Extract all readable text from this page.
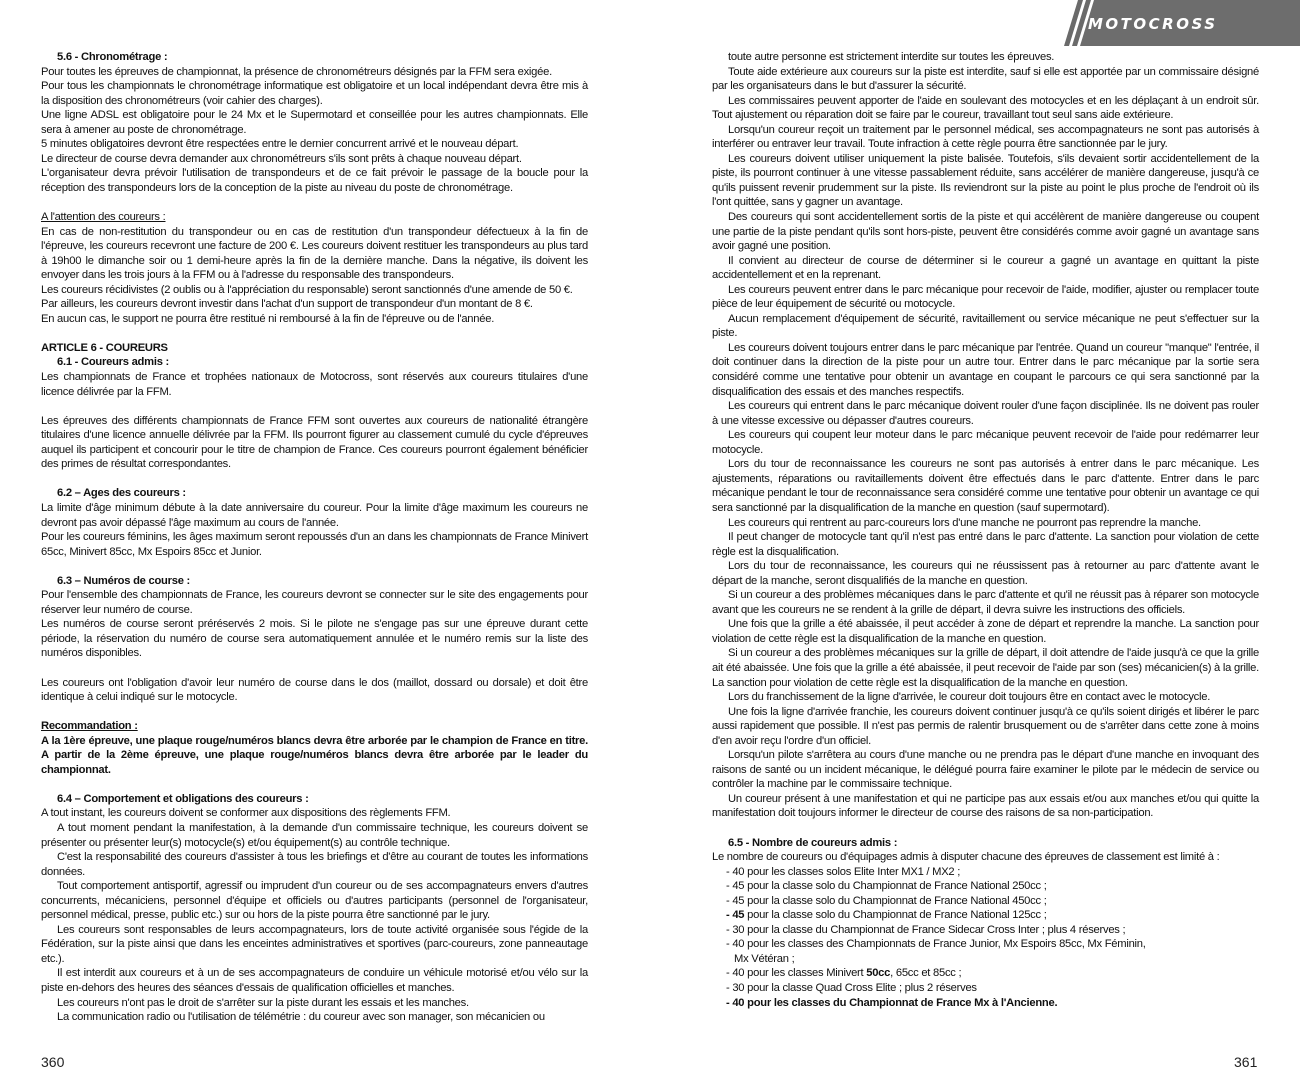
MOTOCROSS

5.6 - Chronométrage :

Pour toutes les épreuves de championnat, la présence de chronométreurs désignés par la FFM sera exigée.

Pour tous les championnats le chronométrage informatique est obligatoire et un local indépendant devra être mis à la disposition des chronométreurs (voir cahier des charges).

Une ligne ADSL est obligatoire pour le 24 Mx et le Supermotard et conseillée pour les autres championnats. Elle sera à amener au poste de chronométrage.

5 minutes obligatoires devront être respectées entre le dernier concurrent arrivé et le nouveau départ.

Le directeur de course devra demander aux chronométreurs s'ils sont prêts à chaque nouveau départ.

L'organisateur devra prévoir l'utilisation de transpondeurs et de ce fait prévoir le passage de la boucle pour la réception des transpondeurs lors de la conception de la piste au niveau du poste de chronométrage.

A l'attention des coureurs :

En cas de non-restitution du transpondeur ou en cas de restitution d'un transpondeur défectueux à la fin de l'épreuve, les coureurs recevront une facture de 200 €. Les coureurs doivent restituer les transpondeurs au plus tard à 19h00 le dimanche soir ou 1 demi-heure après la fin de la dernière manche. Dans la négative, ils doivent les envoyer dans les trois jours à la FFM ou à l'adresse du responsable des transpondeurs.

Les coureurs récidivistes (2 oublis ou à l'appréciation du responsable) seront sanctionnés d'une amende de 50 €.

Par ailleurs, les coureurs devront investir dans l'achat d'un support de transpondeur d'un montant de 8 €.

En aucun cas, le support ne pourra être restitué ni remboursé à la fin de l'épreuve ou de l'année.

ARTICLE 6 - COUREURS

6.1 - Coureurs admis :

Les championnats de France et trophées nationaux de Motocross, sont réservés aux coureurs titulaires d'une licence délivrée par la FFM.

Les épreuves des différents championnats de France FFM sont ouvertes aux coureurs de nationalité étrangère titulaires d'une licence annuelle délivrée par la FFM. Ils pourront figurer au classement cumulé du cycle d'épreuves auquel ils participent et concourir pour le titre de champion de France. Ces coureurs pourront également bénéficier des primes de résultat correspondantes.

6.2 – Ages des coureurs :

La limite d'âge minimum débute à la date anniversaire du coureur. Pour la limite d'âge maximum les coureurs ne devront pas avoir dépassé l'âge maximum au cours de l'année.

Pour les coureurs féminins, les âges maximum seront repoussés d'un an dans les championnats de France Minivert 65cc, Minivert 85cc, Mx Espoirs 85cc et Junior.

6.3 – Numéros de course :

Pour l'ensemble des championnats de France, les coureurs devront se connecter sur le site des engagements pour réserver leur numéro de course.

Les numéros de course seront préréservés 2 mois. Si le pilote ne s'engage pas sur une épreuve durant cette période, la réservation du numéro de course sera automatiquement annulée et le numéro remis sur la liste des numéros disponibles.

Les coureurs ont l'obligation d'avoir leur numéro de course dans le dos (maillot, dossard ou dorsale) et doit être identique à celui indiqué sur le motocycle.

Recommandation :

A la 1ère épreuve, une plaque rouge/numéros blancs devra être arborée par le champion de France en titre. A partir de la 2ème épreuve, une plaque rouge/numéros blancs devra être arborée par le leader du championnat.

6.4 – Comportement et obligations des coureurs :

A tout instant, les coureurs doivent se conformer aux dispositions des règlements FFM.

A tout moment pendant la manifestation, à la demande d'un commissaire technique, les coureurs doivent se présenter ou présenter leur(s) motocycle(s) et/ou équipement(s) au contrôle technique.

C'est la responsabilité des coureurs d'assister à tous les briefings et d'être au courant de toutes les informations données.

Tout comportement antisportif, agressif ou imprudent d'un coureur ou de ses accompagnateurs envers d'autres concurrents, mécaniciens, personnel d'équipe et officiels ou d'autres participants (personnel de l'organisateur, personnel médical, presse, public etc.) sur ou hors de la piste pourra être sanctionné par le jury.

Les coureurs sont responsables de leurs accompagnateurs, lors de toute activité organisée sous l'égide de la Fédération, sur la piste ainsi que dans les enceintes administratives et sportives (parc-coureurs, zone panneautage etc.).

Il est interdit aux coureurs et à un de ses accompagnateurs de conduire un véhicule motorisé et/ou vélo sur la piste en-dehors des heures des séances d'essais de qualification officielles et manches.

Les coureurs n'ont pas le droit de s'arrêter sur la piste durant les essais et les manches.

La communication radio ou l'utilisation de télémétrie : du coureur avec son manager, son mécanicien ou

360

toute autre personne est strictement interdite sur toutes les épreuves.

Toute aide extérieure aux coureurs sur la piste est interdite, sauf si elle est apportée par un commissaire désigné par les organisateurs dans le but d'assurer la sécurité.

Les commissaires peuvent apporter de l'aide en soulevant des motocycles et en les déplaçant à un endroit sûr. Tout ajustement ou réparation doit se faire par le coureur, travaillant tout seul sans aide extérieure.

Lorsqu'un coureur reçoit un traitement par le personnel médical, ses accompagnateurs ne sont pas autorisés à interférer ou entraver leur travail. Toute infraction à cette règle pourra être sanctionnée par le jury.

Les coureurs doivent utiliser uniquement la piste balisée. Toutefois, s'ils devaient sortir accidentellement de la piste, ils pourront continuer à une vitesse passablement réduite, sans accélérer de manière dangereuse, jusqu'à ce qu'ils puissent revenir prudemment sur la piste. Ils reviendront sur la piste au point le plus proche de l'endroit où ils l'ont quittée, sans y gagner un avantage.

Des coureurs qui sont accidentellement sortis de la piste et qui accélèrent de manière dangereuse ou coupent une partie de la piste pendant qu'ils sont hors-piste, peuvent être considérés comme avoir gagné un avantage sans avoir gagné une position.

Il convient au directeur de course de déterminer si le coureur a gagné un avantage en quittant la piste accidentellement et en la reprenant.

Les coureurs peuvent entrer dans le parc mécanique pour recevoir de l'aide, modifier, ajuster ou remplacer toute pièce de leur équipement de sécurité ou motocycle.

Aucun remplacement d'équipement de sécurité, ravitaillement ou service mécanique ne peut s'effectuer sur la piste.

Les coureurs doivent toujours entrer dans le parc mécanique par l'entrée. Quand un coureur "manque" l'entrée, il doit continuer dans la direction de la piste pour un autre tour. Entrer dans le parc mécanique par la sortie sera considéré comme une tentative pour obtenir un avantage en coupant le parcours ce qui sera sanctionné par la disqualification des essais et des manches respectifs.

Les coureurs qui entrent dans le parc mécanique doivent rouler d'une façon disciplinée. Ils ne doivent pas rouler à une vitesse excessive ou dépasser d'autres coureurs.

Les coureurs qui coupent leur moteur dans le parc mécanique peuvent recevoir de l'aide pour redémarrer leur motocycle.

Lors du tour de reconnaissance les coureurs ne sont pas autorisés à entrer dans le parc mécanique. Les ajustements, réparations ou ravitaillements doivent être effectués dans le parc d'attente. Entrer dans le parc mécanique pendant le tour de reconnaissance sera considéré comme une tentative pour obtenir un avantage ce qui sera sanctionné par la disqualification de la manche en question (sauf supermotard).

Les coureurs qui rentrent au parc-coureurs lors d'une manche ne pourront pas reprendre la manche.

Il peut changer de motocycle tant qu'il n'est pas entré dans le parc d'attente. La sanction pour violation de cette règle est la disqualification.

Lors du tour de reconnaissance, les coureurs qui ne réussissent pas à retourner au parc d'attente avant le départ de la manche, seront disqualifiés de la manche en question.

Si un coureur a des problèmes mécaniques dans le parc d'attente et qu'il ne réussit pas à réparer son motocycle avant que les coureurs ne se rendent à la grille de départ, il devra suivre les instructions des officiels.

Une fois que la grille a été abaissée, il peut accéder à zone de départ et reprendre la manche. La sanction pour violation de cette règle est la disqualification de la manche en question.

Si un coureur a des problèmes mécaniques sur la grille de départ, il doit attendre de l'aide jusqu'à ce que la grille ait été abaissée. Une fois que la grille a été abaissée, il peut recevoir de l'aide par son (ses) mécanicien(s) à la grille. La sanction pour violation de cette règle est la disqualification de la manche en question.

Lors du franchissement de la ligne d'arrivée, le coureur doit toujours être en contact avec le motocycle.

Une fois la ligne d'arrivée franchie, les coureurs doivent continuer jusqu'à ce qu'ils soient dirigés et libérer le parc aussi rapidement que possible. Il n'est pas permis de ralentir brusquement ou de s'arrêter dans cette zone à moins d'en avoir reçu l'ordre d'un officiel.

Lorsqu'un pilote s'arrêtera au cours d'une manche ou ne prendra pas le départ d'une manche en invoquant des raisons de santé ou un incident mécanique, le délégué pourra faire examiner le pilote par le médecin de service ou contrôler la machine par le commissaire technique.

Un coureur présent à une manifestation et qui ne participe pas aux essais et/ou aux manches et/ou qui quitte la manifestation doit toujours informer le directeur de course des raisons de sa non-participation.

6.5 - Nombre de coureurs admis :

Le nombre de coureurs ou d'équipages admis à disputer chacune des épreuves de classement est limité à :

- 40 pour les classes solos Elite Inter MX1 / MX2 ;

- 45 pour la classe solo du Championnat de France National 250cc ;

- 45 pour la classe solo du Championnat de France National 450cc ;

- 45 pour la classe solo du Championnat de France National 125cc ;

- 30 pour la classe du Championnat de France Sidecar Cross Inter ; plus 4 réserves ;

- 40 pour les classes des Championnats de France Junior, Mx Espoirs 85cc, Mx Féminin,

Mx Vétéran ;

- 40 pour les classes Minivert 50cc, 65cc et 85cc ;

- 30 pour la classe Quad Cross Elite ; plus 2 réserves

- 40 pour les classes du Championnat de France Mx à l'Ancienne.

361
